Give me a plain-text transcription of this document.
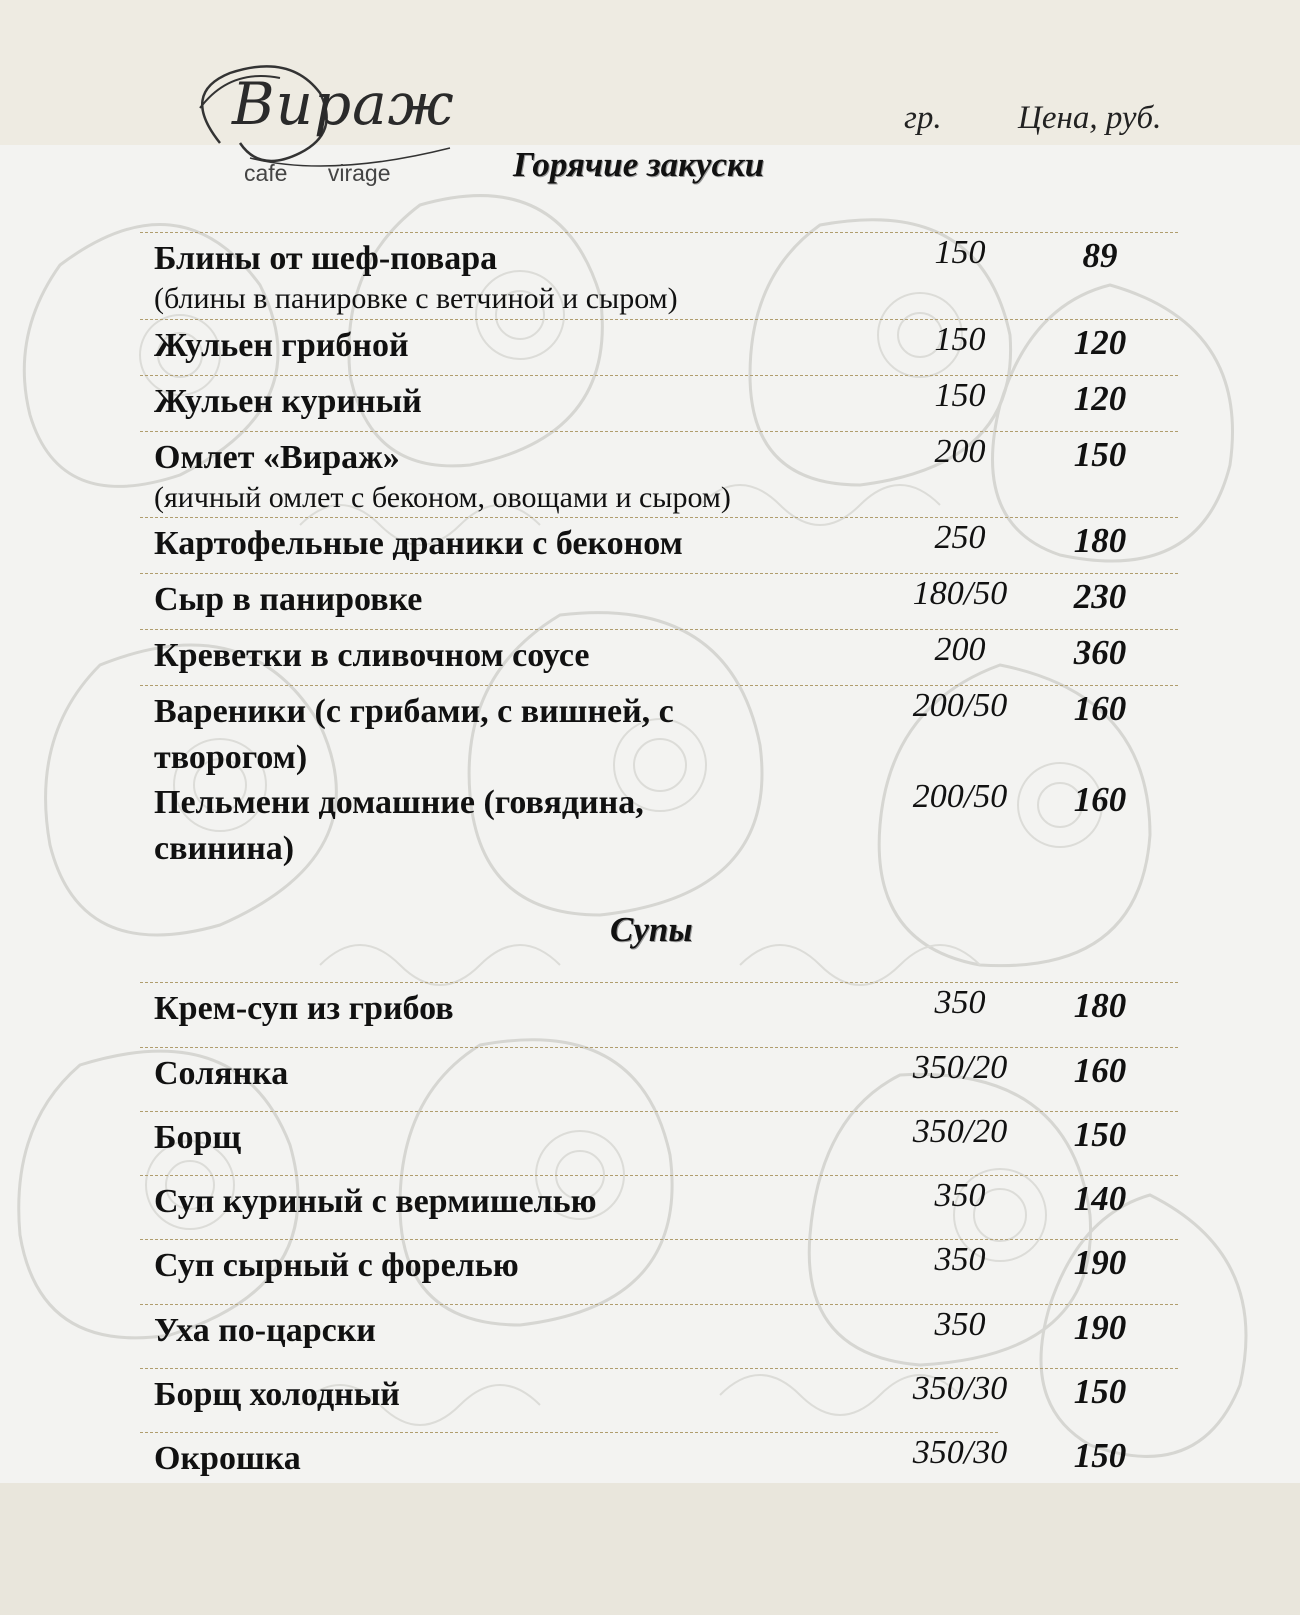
Вираж
cafe virage
гр. Цена, руб.
Горячие закуски
Блины от шеф-повара
(блины в панировке с ветчиной и сыром)
150	89
Жульен грибной	150	120
Жульен куриный	150	120
Омлет «Вираж»
(яичный омлет с беконом, овощами и сыром)
200	150
Картофельные драники с беконом	250	180
Сыр в панировке	180/50	230
Креветки в сливочном соусе	200	360
Вареники (с грибами, с вишней, с творогом)
200/50	160
Пельмени домашние (говядина, свинина)
200/50	160
Супы
Крем-суп из грибов	350	180
Солянка	350/20	160
Борщ	350/20	150
Суп куриный с вермишелью	350	140
Суп сырный с форелью	350	190
Уха по-царски	350	190
Борщ холодный	350/30	150
Окрошка	350/30	150
